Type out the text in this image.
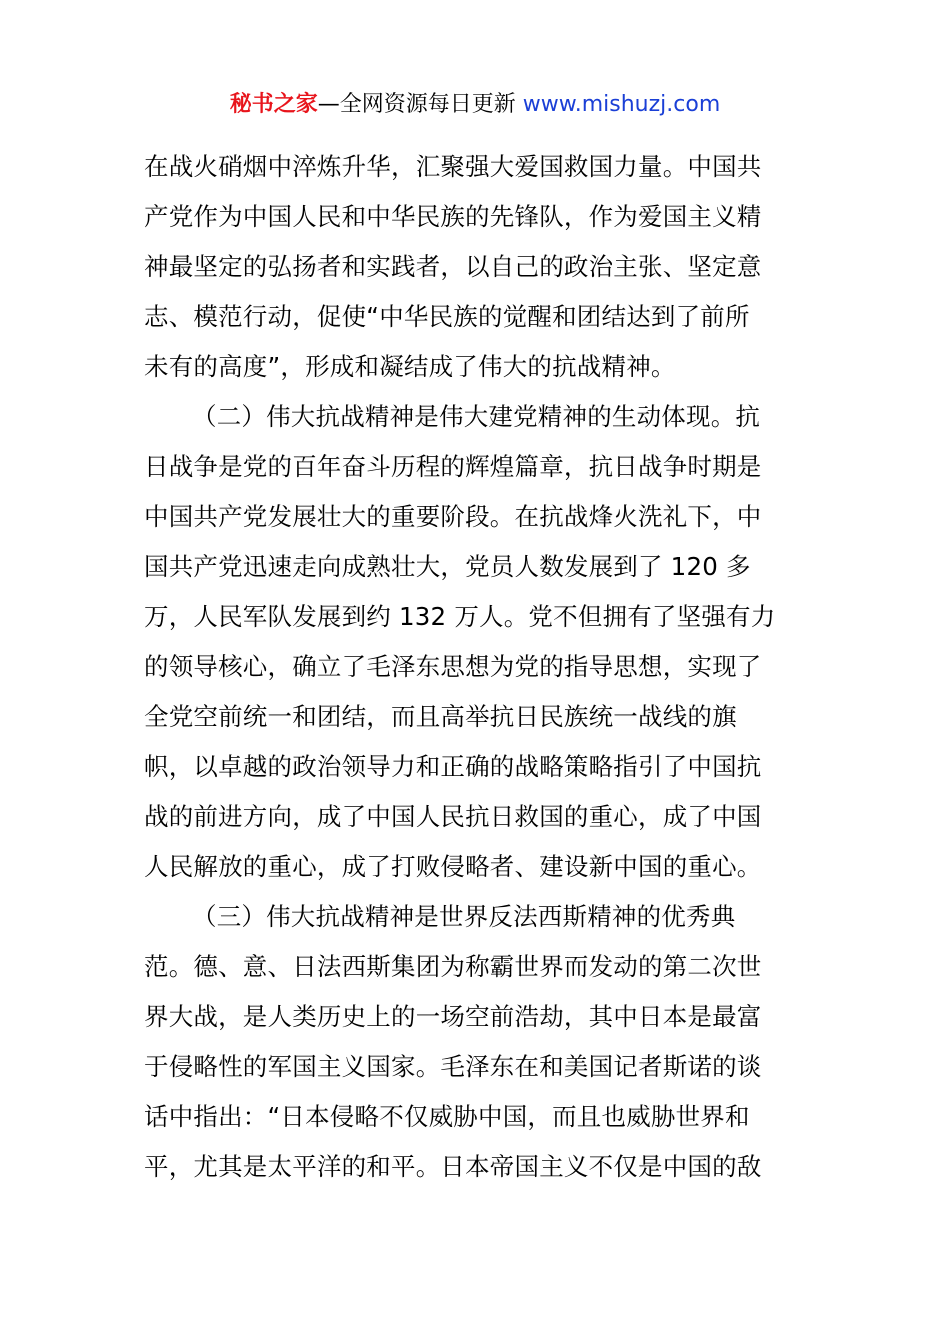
秘书之家—全网资源每日更新 www.mishuzj.com
在战火硝烟中淬炼升华，汇聚强大爱国救国力量。中国共
产党作为中国人民和中华民族的先锋队，作为爱国主义精
神最坚定的弘扬者和实践者，以自己的政治主张、坚定意
志、模范行动，促使“中华民族的觉醒和团结达到了前所
未有的高度”，形成和凝结成了伟大的抗战精神。
（二）伟大抗战精神是伟大建党精神的生动体现。抗
日战争是党的百年奋斗历程的辉煌篇章，抗日战争时期是
中国共产党发展壮大的重要阶段。在抗战烽火洗礼下，中
国共产党迅速走向成熟壮大，党员人数发展到了 120 多
万，人民军队发展到约 132 万人。党不但拥有了坚强有力
的领导核心，确立了毛泽东思想为党的指导思想，实现了
全党空前统一和团结，而且高举抗日民族统一战线的旗
帜，以卓越的政治领导力和正确的战略策略指引了中国抗
战的前进方向，成了中国人民抗日救国的重心，成了中国
人民解放的重心，成了打败侵略者、建设新中国的重心。
（三）伟大抗战精神是世界反法西斯精神的优秀典
范。德、意、日法西斯集团为称霸世界而发动的第二次世
界大战，是人类历史上的一场空前浩劫，其中日本是最富
于侵略性的军国主义国家。毛泽东在和美国记者斯诺的谈
话中指出：“日本侵略不仅威胁中国，而且也威胁世界和
平，尤其是太平洋的和平。日本帝国主义不仅是中国的敌
